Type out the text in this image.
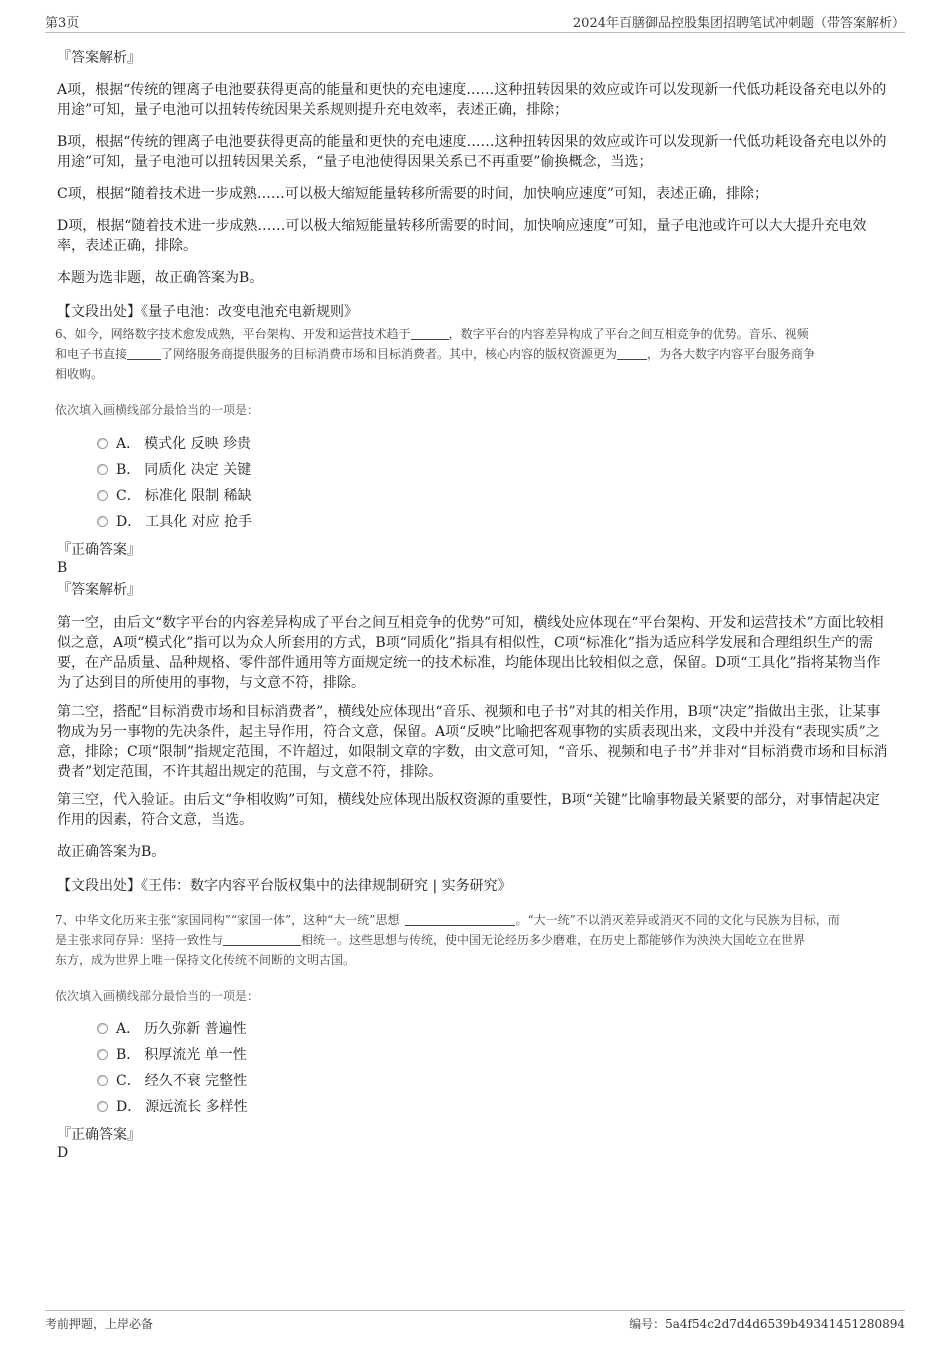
第3页	2024年百膳御品控股集团招聘笔试冲刺题（带答案解析）
『答案解析』
A项，根据“传统的锂离子电池要获得更高的能量和更快的充电速度……这种扭转因果的效应或许可以发现新一代低功耗设备充电以外的用途”可知，量子电池可以扭转传统因果关系规则提升充电效率，表述正确，排除；
B项，根据“传统的锂离子电池要获得更高的能量和更快的充电速度……这种扭转因果的效应或许可以发现新一代低功耗设备充电以外的用途”可知，量子电池可以扭转因果关系，“量子电池使得因果关系已不再重要”偷换概念，当选；
C项，根据“随着技术进一步成熟……可以极大缩短能量转移所需要的时间，加快响应速度”可知，表述正确，排除；
D项，根据“随着技术进一步成熟……可以极大缩短能量转移所需要的时间，加快响应速度”可知，量子电池或许可以大大提升充电效率，表述正确，排除。
本题为选非题，故正确答案为B。
【文段出处】《量子电池：改变电池充电新规则》
6、如今，网络数字技术愈发成熟，平台架构、开发和运营技术趋于	，数字平台的内容差异构成了平台之间互相竞争的优势。音乐、视频
和电子书直接	了网络服务商提供服务的目标消费市场和目标消费者。其中，核心内容的版权资源更为	，为各大数字内容平台服务商争
相收购。
依次填入画横线部分最恰当的一项是：
A． 模式化 反映 珍贵
B． 同质化 决定 关键
C． 标准化 限制 稀缺
D． 工具化 对应 抢手
『正确答案』
B
『答案解析』
第一空，由后文“数字平台的内容差异构成了平台之间互相竞争的优势”可知，横线处应体现在“平台架构、开发和运营技术”方面比较相似之意，A项“模式化”指可以为众人所套用的方式，B项“同质化”指具有相似性，C项“标准化”指为适应科学发展和合理组织生产的需要，在产品质量、品种规格、零件部件通用等方面规定统一的技术标准，均能体现出比较相似之意，保留。D项“工具化”指将某物当作为了达到目的所使用的事物，与文意不符，排除。
第二空，搭配“目标消费市场和目标消费者”，横线处应体现出“音乐、视频和电子书”对其的相关作用，B项“决定”指做出主张，让某事物成为另一事物的先决条件，起主导作用，符合文意，保留。A项“反映”比喻把客观事物的实质表现出来，文段中并没有“表现实质”之意，排除；C项“限制”指规定范围，不许超过，如限制文章的字数，由文意可知，“音乐、视频和电子书”并非对“目标消费市场和目标消费者”划定范围，不许其超出规定的范围，与文意不符，排除。
第三空，代入验证。由后文“争相收购”可知，横线处应体现出版权资源的重要性，B项“关键”比喻事物最关紧要的部分，对事情起决定作用的因素，符合文意，当选。
故正确答案为B。
【文段出处】《王伟：数字内容平台版权集中的法律规制研究 | 实务研究》
7、中华文化历来主张“家国同构”“家国一体”，这种“大一统”思想	。“大一统”不以消灭差异或消灭不同的文化与民族为目标，而
是主张求同存异：坚持一致性与	相统一。这些思想与传统，使中国无论经历多少磨难，在历史上都能够作为泱泱大国屹立在世界
东方，成为世界上唯一保持文化传统不间断的文明古国。
依次填入画横线部分最恰当的一项是：
A． 历久弥新 普遍性
B． 积厚流光 单一性
C． 经久不衰 完整性
D． 源远流长 多样性
『正确答案』
D
考前押题，上岸必备	编号：5a4f54c2d7d4d6539b49341451280894
